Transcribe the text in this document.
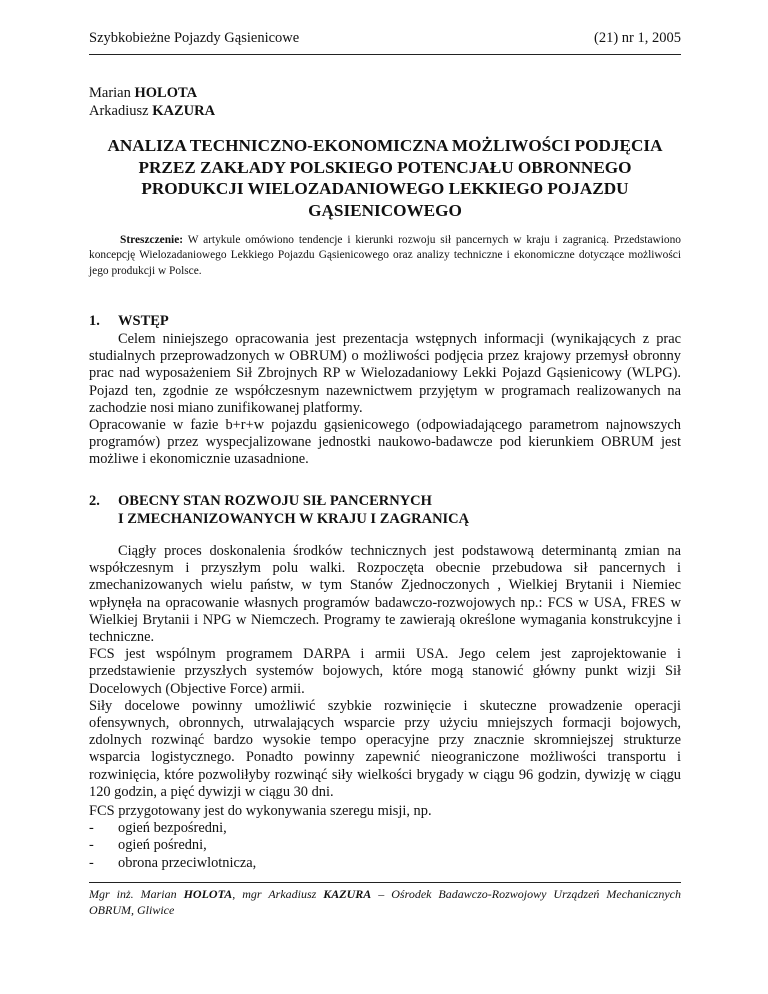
Szybkobieżne Pojazdy Gąsienicowe	(21) nr 1, 2005
Marian HOLOTA
Arkadiusz KAZURA
ANALIZA TECHNICZNO-EKONOMICZNA MOŻLIWOŚCI PODJĘCIA PRZEZ ZAKŁADY POLSKIEGO POTENCJAŁU OBRONNEGO PRODUKCJI WIELOZADANIOWEGO LEKKIEGO POJAZDU GĄSIENICOWEGO

Streszczenie: W artykule omówiono tendencje i kierunki rozwoju sił pancernych w kraju i zagranicą. Przedstawiono koncepcję Wielozadaniowego Lekkiego Pojazdu Gąsienicowego oraz analizy techniczne i ekonomiczne dotyczące możliwości jego produkcji w Polsce.

1.	WSTĘP

Celem niniejszego opracowania jest prezentacja wstępnych informacji (wynikających z prac studialnych przeprowadzonych w OBRUM) o możliwości podjęcia przez krajowy przemysł obronny prac nad wyposażeniem Sił Zbrojnych RP w Wielozadaniowy Lekki Pojazd Gąsienicowy (WLPG). Pojazd ten, zgodnie ze współczesnym nazewnictwem przyjętym w programach realizowanych na zachodzie nosi miano zunifikowanej platformy.

Opracowanie w fazie b+r+w pojazdu gąsienicowego (odpowiadającego parametrom najnowszych programów) przez wyspecjalizowane jednostki naukowo-badawcze pod kierunkiem OBRUM jest możliwe i ekonomicznie uzasadnione.

2.	OBECNY STAN ROZWOJU SIŁ PANCERNYCH
I ZMECHANIZOWANYCH W KRAJU I ZAGRANICĄ

Ciągły proces doskonalenia środków technicznych jest podstawową determinantą zmian na współczesnym i przyszłym polu walki. Rozpoczęta obecnie przebudowa sił pancernych i zmechanizowanych wielu państw, w tym Stanów Zjednoczonych , Wielkiej Brytanii i Niemiec wpłynęła na opracowanie własnych programów badawczo-rozwojowych np.: FCS w USA, FRES w Wielkiej Brytanii i NPG w Niemczech. Programy te zawierają określone wymagania konstrukcyjne i techniczne.

FCS jest wspólnym programem DARPA i armii USA. Jego celem jest zaprojektowanie i przedstawienie przyszłych systemów bojowych, które mogą stanowić główny punkt wizji Sił Docelowych (Objective Force) armii.

Siły docelowe powinny umożliwić szybkie rozwinięcie i skuteczne prowadzenie operacji ofensywnych, obronnych, utrwalających wsparcie przy użyciu mniejszych formacji bojowych, zdolnych rozwinąć bardzo wysokie tempo operacyjne przy znacznie skromniejszej strukturze wsparcia logistycznego. Ponadto powinny zapewnić nieograniczone możliwości transportu i rozwinięcia, które pozwoliłyby rozwinąć siły wielkości brygady w ciągu 96 godzin, dywizję w ciągu 120 godzin, a pięć dywizji w ciągu 30 dni.

FCS przygotowany jest do wykonywania szeregu misji, np.

-	ogień bezpośredni,
-	ogień pośredni,
-	obrona przeciwlotnicza,

Mgr inż. Marian HOLOTA, mgr Arkadiusz KAZURA – Ośrodek Badawczo-Rozwojowy Urządzeń Mechanicznych OBRUM, Gliwice
